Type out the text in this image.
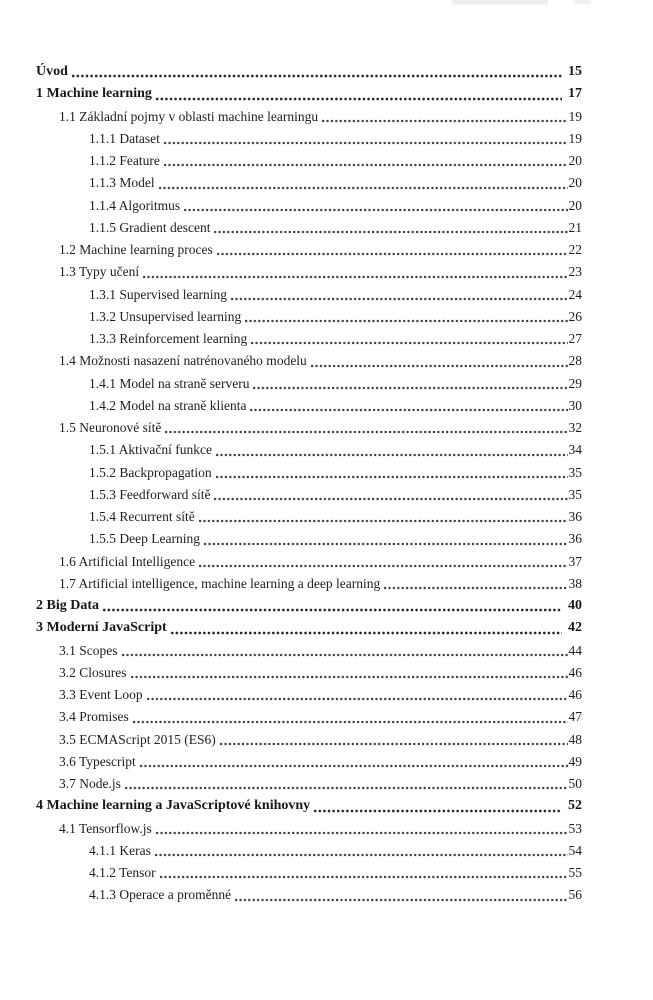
Úvod	15
1 Machine learning	17
1.1 Základní pojmy v oblasti machine learningu	19
1.1.1 Dataset	19
1.1.2 Feature	20
1.1.3 Model	20
1.1.4 Algoritmus	20
1.1.5 Gradient descent	21
1.2 Machine learning proces	22
1.3 Typy učení	23
1.3.1 Supervised learning	24
1.3.2 Unsupervised learning	26
1.3.3 Reinforcement learning	27
1.4 Možnosti nasazení natrénovaného modelu	28
1.4.1 Model na straně serveru	29
1.4.2 Model na straně klienta	30
1.5 Neuronové sítě	32
1.5.1 Aktivační funkce	34
1.5.2 Backpropagation	35
1.5.3 Feedforward sítě	35
1.5.4 Recurrent sítě	36
1.5.5 Deep Learning	36
1.6 Artificial Intelligence	37
1.7 Artificial intelligence, machine learning a deep learning	38
2 Big Data	40
3 Moderní JavaScript	42
3.1 Scopes	44
3.2 Closures	46
3.3 Event Loop	46
3.4 Promises	47
3.5 ECMAScript 2015 (ES6)	48
3.6 Typescript	49
3.7 Node.js	50
4 Machine learning a JavaScriptové knihovny	52
4.1 Tensorflow.js	53
4.1.1 Keras	54
4.1.2 Tensor	55
4.1.3 Operace a proměnné	56
